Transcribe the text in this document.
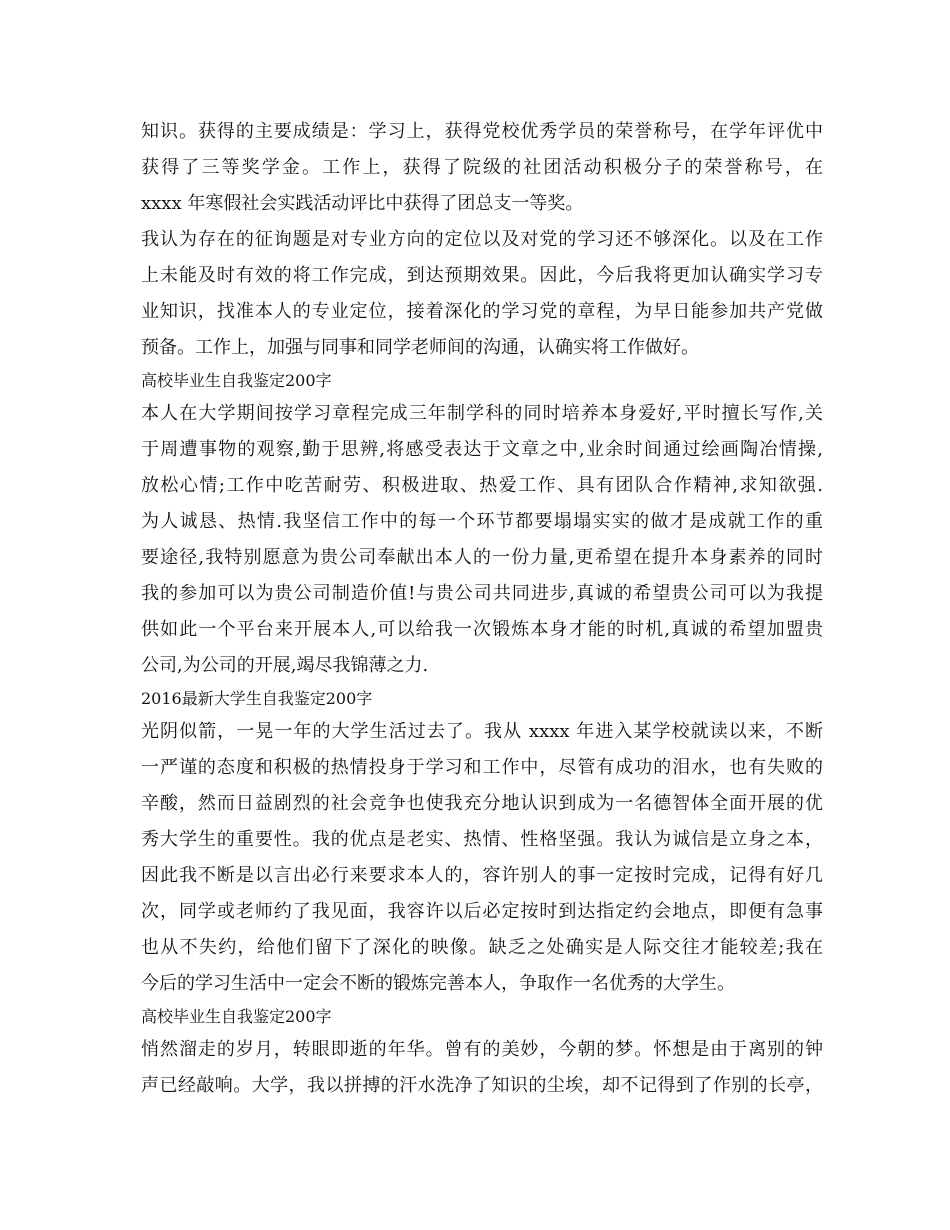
知识。获得的主要成绩是：学习上，获得党校优秀学员的荣誉称号，在学年评优中

获得了三等奖学金。工作上，获得了院级的社团活动积极分子的荣誉称号，在

xxxx 年寒假社会实践活动评比中获得了团总支一等奖。

我认为存在的征询题是对专业方向的定位以及对党的学习还不够深化。以及在工作

上未能及时有效的将工作完成，到达预期效果。因此，今后我将更加认确实学习专

业知识，找准本人的专业定位，接着深化的学习党的章程，为早日能参加共产党做

预备。工作上，加强与同事和同学老师间的沟通，认确实将工作做好。

高校毕业生自我鉴定200字

本人在大学期间按学习章程完成三年制学科的同时培养本身爱好,平时擅长写作,关

于周遭事物的观察,勤于思辨,将感受表达于文章之中,业余时间通过绘画陶冶情操,

放松心情;工作中吃苦耐劳、积极进取、热爱工作、具有团队合作精神,求知欲强.

为人诚恳、热情.我坚信工作中的每一个环节都要塌塌实实的做才是成就工作的重

要途径,我特别愿意为贵公司奉献出本人的一份力量,更希望在提升本身素养的同时

我的参加可以为贵公司制造价值!与贵公司共同进步,真诚的希望贵公司可以为我提

供如此一个平台来开展本人,可以给我一次锻炼本身才能的时机,真诚的希望加盟贵

公司,为公司的开展,竭尽我锦薄之力.

2016最新大学生自我鉴定200字

光阴似箭，一晃一年的大学生活过去了。我从 xxxx 年进入某学校就读以来，不断

一严谨的态度和积极的热情投身于学习和工作中，尽管有成功的泪水，也有失败的

辛酸，然而日益剧烈的社会竞争也使我充分地认识到成为一名德智体全面开展的优

秀大学生的重要性。我的优点是老实、热情、性格坚强。我认为诚信是立身之本，

因此我不断是以言出必行来要求本人的，容许别人的事一定按时完成，记得有好几

次，同学或老师约了我见面，我容许以后必定按时到达指定约会地点，即便有急事

也从不失约，给他们留下了深化的映像。缺乏之处确实是人际交往才能较差;我在

今后的学习生活中一定会不断的锻炼完善本人，争取作一名优秀的大学生。

高校毕业生自我鉴定200字

悄然溜走的岁月，转眼即逝的年华。曾有的美妙，今朝的梦。怀想是由于离别的钟

声已经敲响。大学，我以拼搏的汗水洗净了知识的尘埃，却不记得到了作别的长亭，
